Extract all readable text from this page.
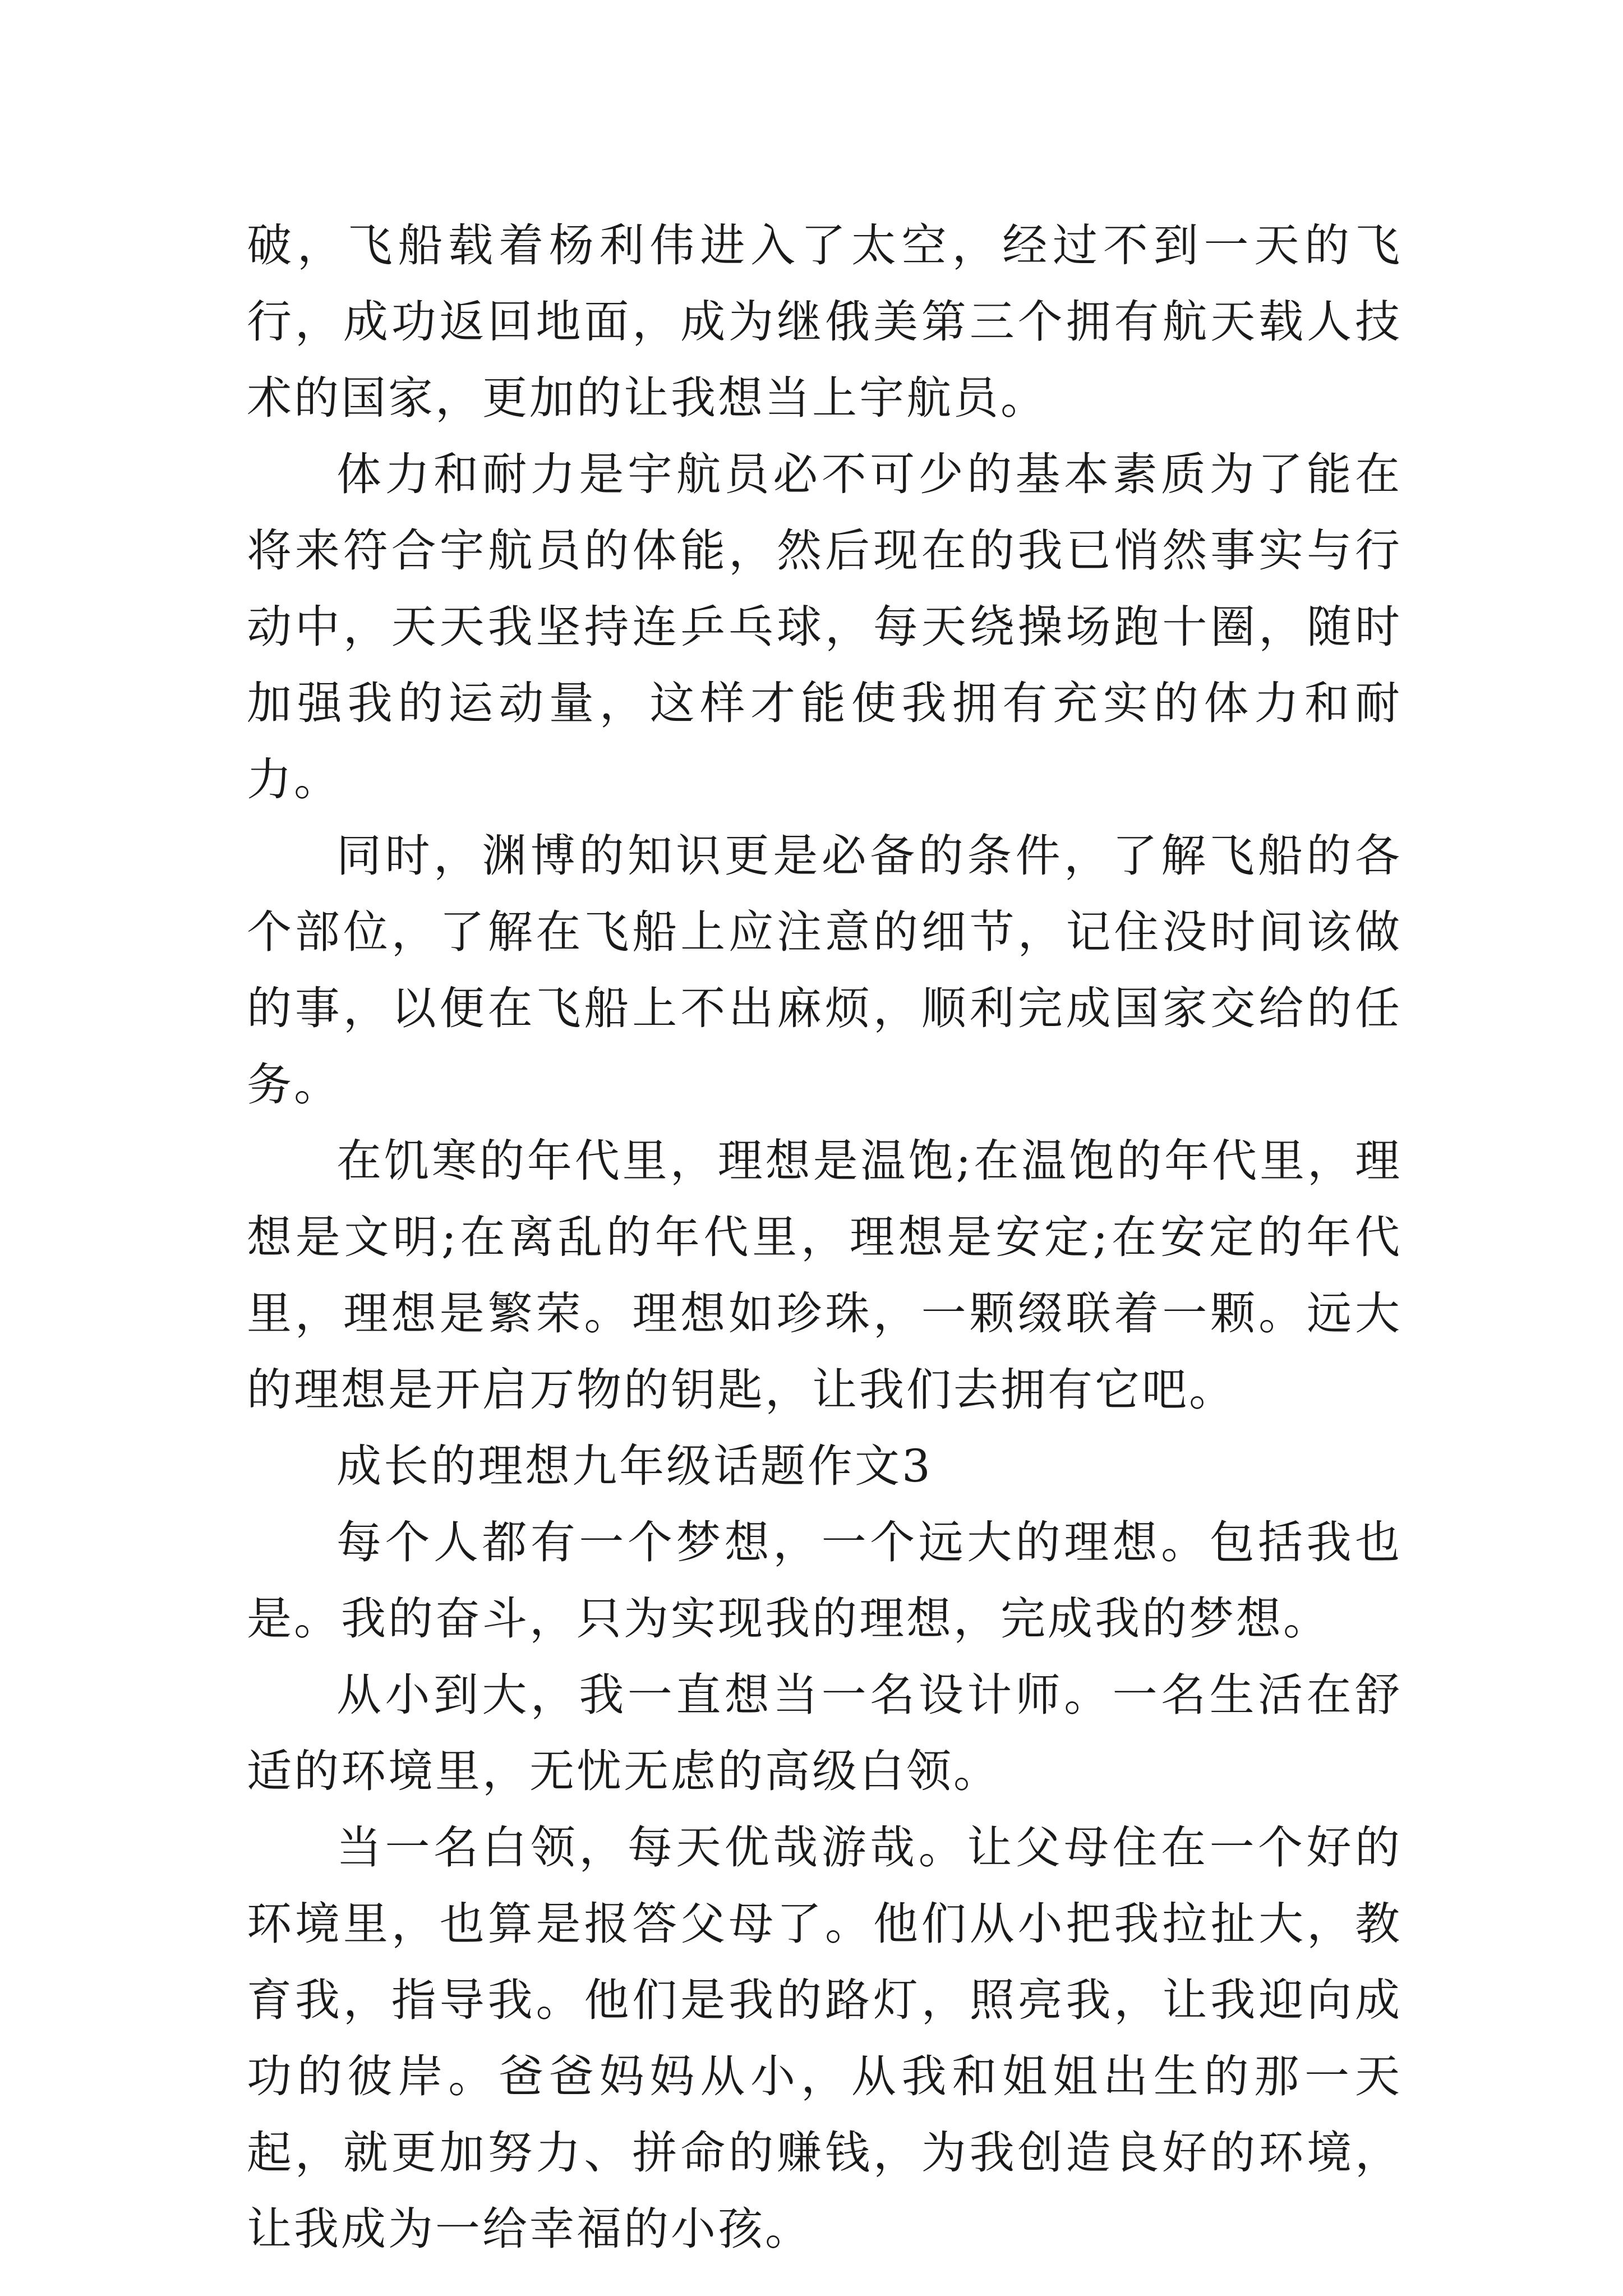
破，飞船载着杨利伟进入了太空，经过不到一天的飞行，成功返回地面，成为继俄美第三个拥有航天载人技术的国家，更加的让我想当上宇航员。

体力和耐力是宇航员必不可少的基本素质为了能在将来符合宇航员的体能，然后现在的我已悄然事实与行动中，天天我坚持连乒乓球，每天绕操场跑十圈，随时加强我的运动量，这样才能使我拥有充实的体力和耐力。

同时，渊博的知识更是必备的条件，了解飞船的各个部位，了解在飞船上应注意的细节，记住没时间该做的事，以便在飞船上不出麻烦，顺利完成国家交给的任务。

在饥寒的年代里，理想是温饱;在温饱的年代里，理想是文明;在离乱的年代里，理想是安定;在安定的年代里，理想是繁荣。理想如珍珠，一颗缀联着一颗。远大的理想是开启万物的钥匙，让我们去拥有它吧。

成长的理想九年级话题作文3

每个人都有一个梦想，一个远大的理想。包括我也是。我的奋斗，只为实现我的理想，完成我的梦想。

从小到大，我一直想当一名设计师。一名生活在舒适的环境里，无忧无虑的高级白领。

当一名白领，每天优哉游哉。让父母住在一个好的环境里，也算是报答父母了。他们从小把我拉扯大，教育我，指导我。他们是我的路灯，照亮我，让我迎向成功的彼岸。爸爸妈妈从小，从我和姐姐出生的那一天起，就更加努力、拼命的赚钱，为我创造良好的环境，让我成为一给幸福的小孩。
